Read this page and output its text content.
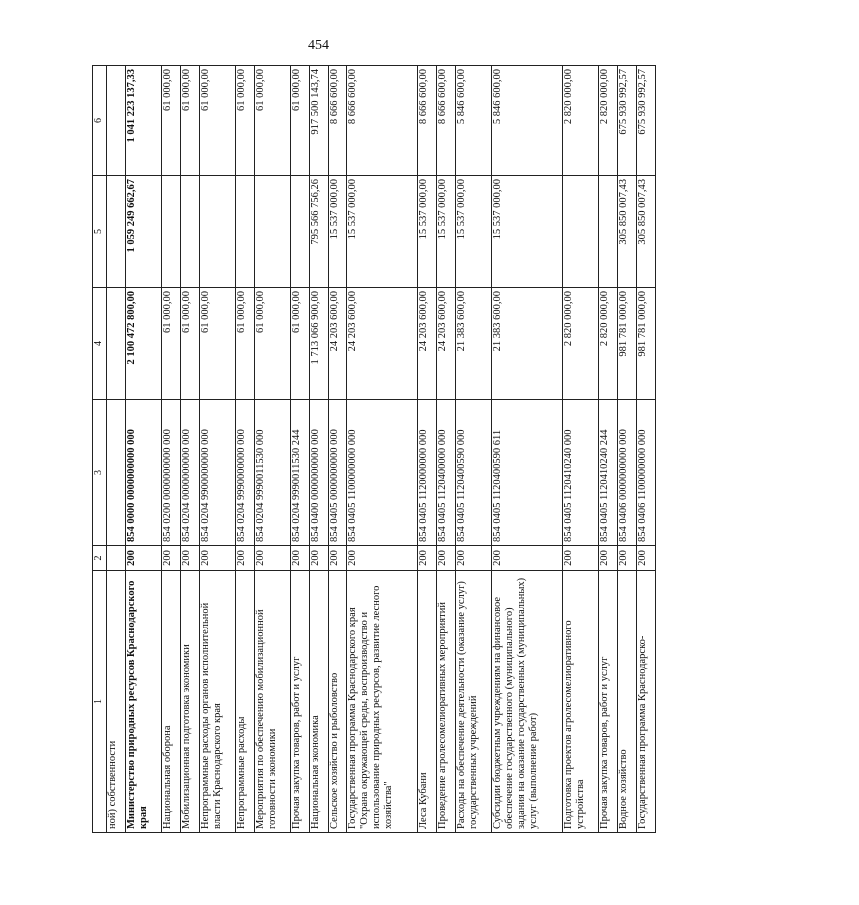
454
1	2	3	4	5	6
ной) собственности					
Министерство природных ресурсов Краснодарского края	200	854 0000 0000000000 000	2 100 472 800,00	1 059 249 662,67	1 041 223 137,33
Национальная оборона	200	854 0200 0000000000 000	61 000,00		61 000,00
Мобилизационная подготовка экономики	200	854 0204 0000000000 000	61 000,00		61 000,00
Непрограммные расходы органов исполнительной власти Краснодарского края	200	854 0204 9900000000 000	61 000,00		61 000,00
Непрограммные расходы	200	854 0204 9990000000 000	61 000,00		61 000,00
Мероприятия по обеспечению мобилизационной готовности экономики	200	854 0204 9990011530 000	61 000,00		61 000,00
Прочая закупка товаров, работ и услуг	200	854 0204 9990011530 244	61 000,00		61 000,00
Национальная экономика	200	854 0400 0000000000 000	1 713 066 900,00	795 566 756,26	917 500 143,74
Сельское хозяйство и рыболовство	200	854 0405 0000000000 000	24 203 600,00	15 537 000,00	8 666 600,00
Государственная программа Краснодарского края "Охрана окружающей среды, воспроизводство и использование природных ресурсов, развитие лесного хозяйства"	200	854 0405 1100000000 000	24 203 600,00	15 537 000,00	8 666 600,00
Леса Кубани	200	854 0405 1120000000 000	24 203 600,00	15 537 000,00	8 666 600,00
Проведение агролесомелиоративных мероприятий	200	854 0405 1120400000 000	24 203 600,00	15 537 000,00	8 666 600,00
Расходы на обеспечение деятельности (оказание услуг) государственных учреждений	200	854 0405 1120400590 000	21 383 600,00	15 537 000,00	5 846 600,00
Субсидии бюджетным учреждениям на финансовое обеспечение государственного (муниципального) задания на оказание государственных (муниципальных) услуг (выполнение работ)	200	854 0405 1120400590 611	21 383 600,00	15 537 000,00	5 846 600,00
Подготовка проектов агролесомелиоративного устройства	200	854 0405 1120410240 000	2 820 000,00		2 820 000,00
Прочая закупка товаров, работ и услуг	200	854 0405 1120410240 244	2 820 000,00		2 820 000,00
Водное хозяйство	200	854 0406 0000000000 000	981 781 000,00	305 850 007,43	675 930 992,57
Государственная программа Краснодарско-	200	854 0406 1100000000 000	981 781 000,00	305 850 007,43	675 930 992,57
